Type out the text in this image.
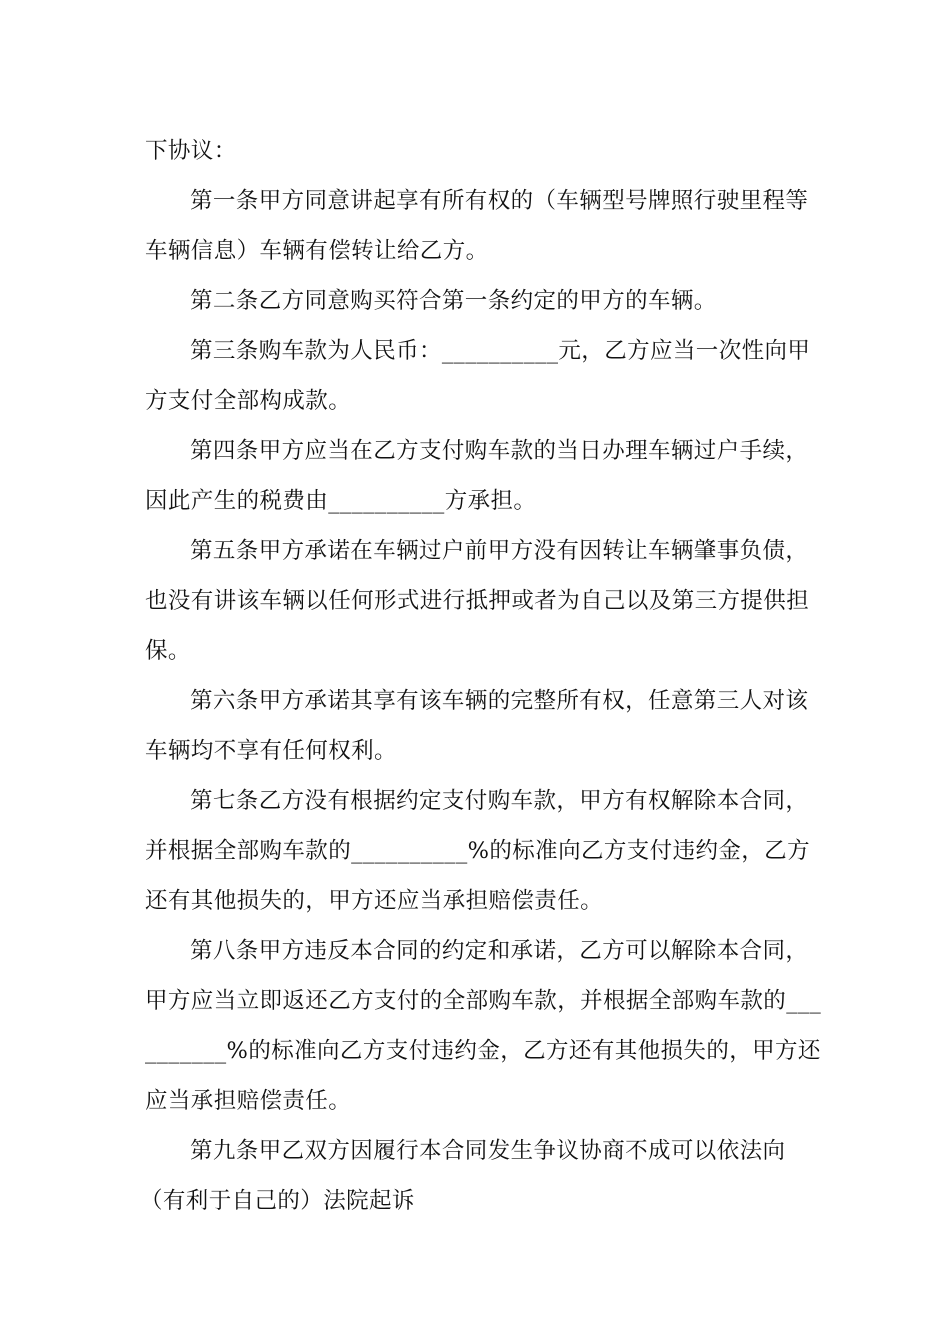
下协议：
第一条甲方同意讲起享有所有权的（车辆型号牌照行驶里程等
车辆信息）车辆有偿转让给乙方。
第二条乙方同意购买符合第一条约定的甲方的车辆。
第三条购车款为人民币：__________元，乙方应当一次性向甲
方支付全部构成款。
第四条甲方应当在乙方支付购车款的当日办理车辆过户手续，
因此产生的税费由__________方承担。
第五条甲方承诺在车辆过户前甲方没有因转让车辆肇事负债，
也没有讲该车辆以任何形式进行抵押或者为自己以及第三方提供担
保。
第六条甲方承诺其享有该车辆的完整所有权，任意第三人对该
车辆均不享有任何权利。
第七条乙方没有根据约定支付购车款，甲方有权解除本合同，
并根据全部购车款的__________%的标准向乙方支付违约金，乙方
还有其他损失的，甲方还应当承担赔偿责任。
第八条甲方违反本合同的约定和承诺，乙方可以解除本合同，
甲方应当立即返还乙方支付的全部购车款，并根据全部购车款的___
_______%的标准向乙方支付违约金，乙方还有其他损失的，甲方还
应当承担赔偿责任。
第九条甲乙双方因履行本合同发生争议协商不成可以依法向
（有利于自己的）法院起诉
